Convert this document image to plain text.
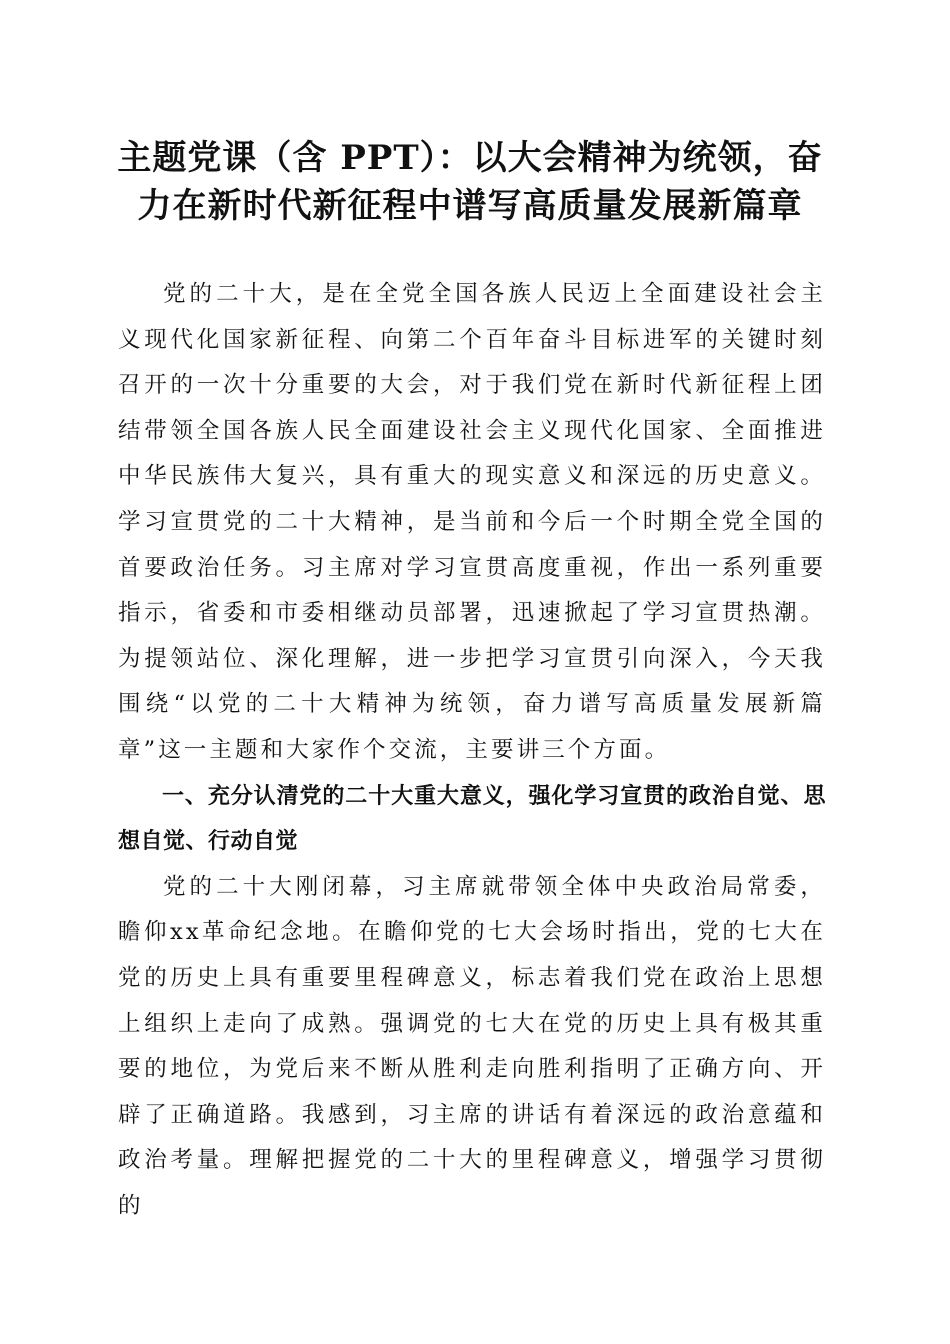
主题党课（含 PPT）：以大会精神为统领，奋
力在新时代新征程中谱写高质量发展新篇章

党的二十大，是在全党全国各族人民迈上全面建设社会主义现代化国家新征程、向第二个百年奋斗目标进军的关键时刻召开的一次十分重要的大会，对于我们党在新时代新征程上团结带领全国各族人民全面建设社会主义现代化国家、全面推进中华民族伟大复兴，具有重大的现实意义和深远的历史意义。学习宣贯党的二十大精神，是当前和今后一个时期全党全国的首要政治任务。习主席对学习宣贯高度重视，作出一系列重要指示，省委和市委相继动员部署，迅速掀起了学习宣贯热潮。为提领站位、深化理解，进一步把学习宣贯引向深入，今天我围绕“以党的二十大精神为统领，奋力谱写高质量发展新篇章”这一主题和大家作个交流，主要讲三个方面。

一、充分认清党的二十大重大意义，强化学习宣贯的政治自觉、思想自觉、行动自觉

党的二十大刚闭幕，习主席就带领全体中央政治局常委，瞻仰xx革命纪念地。在瞻仰党的七大会场时指出，党的七大在党的历史上具有重要里程碑意义，标志着我们党在政治上思想上组织上走向了成熟。强调党的七大在党的历史上具有极其重要的地位，为党后来不断从胜利走向胜利指明了正确方向、开辟了正确道路。我感到，习主席的讲话有着深远的政治意蕴和政治考量。理解把握党的二十大的里程碑意义，增强学习贯彻的
